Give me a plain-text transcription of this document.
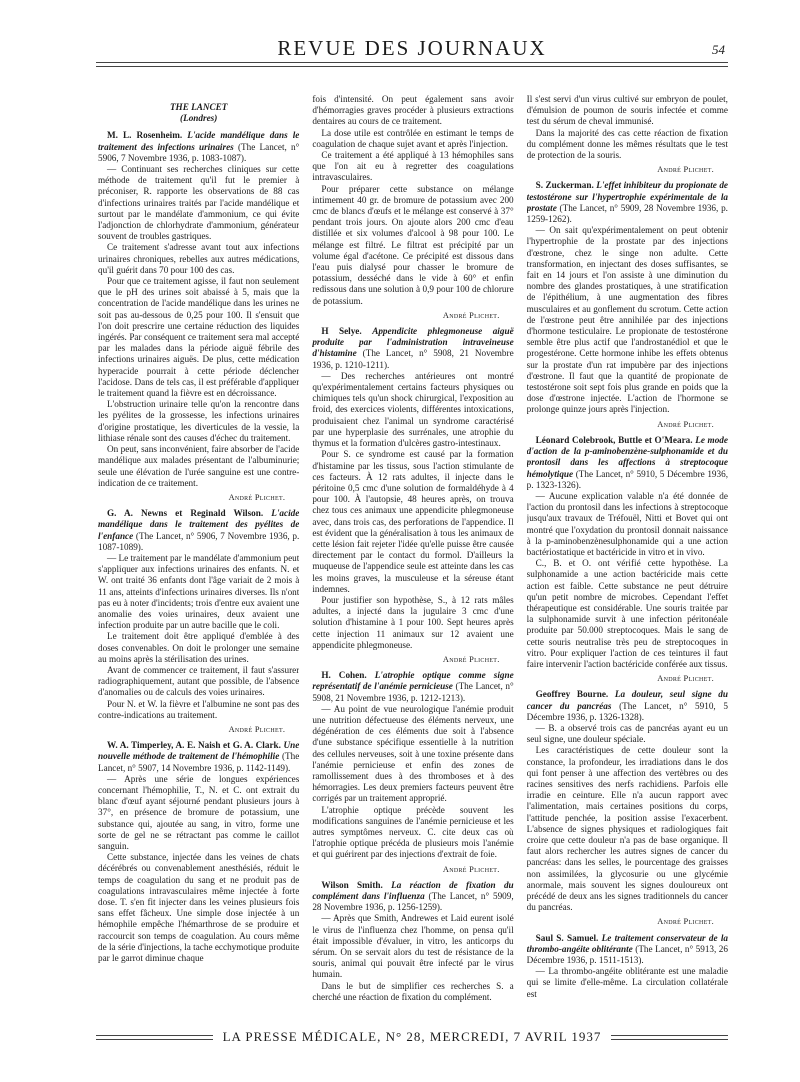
REVUE DES JOURNAUX	54
THE LANCET
(Londres)

M. L. Rosenheim. L'acide mandélique dans le traitement des infections urinaires (The Lancet, n° 5906, 7 Novembre 1936, p. 1083-1087).

— Continuant ses recherches cliniques sur cette méthode de traitement qu'il fut le premier à préconiser, R. rapporte les observations de 88 cas d'infections urinaires traités par l'acide mandélique et surtout par le mandélate d'ammonium, ce qui évite l'adjonction de chlorhydrate d'ammonium, générateur souvent de troubles gastriques.

Ce traitement s'adresse avant tout aux infections urinaires chroniques, rebelles aux autres médications, qu'il guérit dans 70 pour 100 des cas.

Pour que ce traitement agisse, il faut non seulement que le pH des urines soit abaissé à 5, mais que la concentration de l'acide mandélique dans les urines ne soit pas au-dessous de 0,25 pour 100. Il s'ensuit que l'on doit prescrire une certaine réduction des liquides ingérés. Par conséquent ce traitement sera mal accepté par les malades dans la période aiguë fébrile des infections urinaires aiguës. De plus, cette médication hyperacide pourrait à cette période déclencher l'acidose. Dans de tels cas, il est préférable d'appliquer le traitement quand la fièvre est en décroissance.

L'obstruction urinaire telle qu'on la rencontre dans les pyélites de la grossesse, les infections urinaires d'origine prostatique, les diverticules de la vessie, la lithiase rénale sont des causes d'échec du traitement.

On peut, sans inconvénient, faire absorber de l'acide mandélique aux malades présentant de l'albuminurie; seule une élévation de l'urée sanguine est une contre-indication de ce traitement.

André Plichet.

G. A. Newns et Reginald Wilson. L'acide mandélique dans le traitement des pyélites de l'enfance (The Lancet, n° 5906, 7 Novembre 1936, p. 1087-1089).

— Le traitement par le mandélate d'ammonium peut s'appliquer aux infections urinaires des enfants. N. et W. ont traité 36 enfants dont l'âge variait de 2 mois à 11 ans, atteints d'infections urinaires diverses. Ils n'ont pas eu à noter d'incidents; trois d'entre eux avaient une anomalie des voies urinaires, deux avaient une infection produite par un autre bacille que le coli.

Le traitement doit être appliqué d'emblée à des doses convenables. On doit le prolonger une semaine au moins après la stérilisation des urines.

Avant de commencer ce traitement, il faut s'assurer radiographiquement, autant que possible, de l'absence d'anomalies ou de calculs des voies urinaires.

Pour N. et W. la fièvre et l'albumine ne sont pas des contre-indications au traitement.

André Plichet.

W. A. Timperley, A. E. Naish et G. A. Clark. Une nouvelle méthode de traitement de l'hémophilie (The Lancet, n° 5907, 14 Novembre 1936, p. 1142-1149).

— Après une série de longues expériences concernant l'hémophilie, T., N. et C. ont extrait du blanc d'œuf ayant séjourné pendant plusieurs jours à 37°, en présence de bromure de potassium, une substance qui, ajoutée au sang, in vitro, forme une sorte de gel ne se rétractant pas comme le caillot sanguin.

Cette substance, injectée dans les veines de chats décérébrés ou convenablement anesthésiés, réduit le temps de coagulation du sang et ne produit pas de coagulations intravasculaires même injectée à forte dose. T. s'en fit injecter dans les veines plusieurs fois sans effet fâcheux. Une simple dose injectée à un hémophile empêche l'hémarthrose de se produire et raccourcit son temps de coagulation. Au cours même de la série d'injections, la tache ecchymotique produite par le garrot diminue chaque

fois d'intensité. On peut également sans avoir d'hémorragies graves procéder à plusieurs extractions dentaires au cours de ce traitement.

La dose utile est contrôlée en estimant le temps de coagulation de chaque sujet avant et après l'injection.

Ce traitement a été appliqué à 13 hémophiles sans que l'on ait eu à regretter des coagulations intravasculaires.

Pour préparer cette substance on mélange intimement 40 gr. de bromure de potassium avec 200 cmc de blancs d'œufs et le mélange est conservé à 37° pendant trois jours. On ajoute alors 200 cmc d'eau distillée et six volumes d'alcool à 98 pour 100. Le mélange est filtré. Le filtrat est précipité par un volume égal d'acétone. Ce précipité est dissous dans l'eau puis dialysé pour chasser le bromure de potassium, desséché dans le vide à 60° et enfin redissous dans une solution à 0,9 pour 100 de chlorure de potassium.

André Plichet.

H Selye. Appendicite phlegmoneuse aiguë produite par l'administration intraveineuse d'histamine (The Lancet, n° 5908, 21 Novembre 1936, p. 1210-1211).

— Des recherches antérieures ont montré qu'expérimentalement certains facteurs physiques ou chimiques tels qu'un shock chirurgical, l'exposition au froid, des exercices violents, différentes intoxications, produisaient chez l'animal un syndrome caractérisé par une hyperplasie des surrénales, une atrophie du thymus et la formation d'ulcères gastro-intestinaux.

Pour S. ce syndrome est causé par la formation d'histamine par les tissus, sous l'action stimulante de ces facteurs. À 12 rats adultes, il injecte dans le péritoine 0,5 cmc d'une solution de formaldéhyde à 4 pour 100. À l'autopsie, 48 heures après, on trouva chez tous ces animaux une appendicite phlegmoneuse avec, dans trois cas, des perforations de l'appendice. Il est évident que la généralisation à tous les animaux de cette lésion fait rejeter l'idée qu'elle puisse être causée directement par le contact du formol. D'ailleurs la muqueuse de l'appendice seule est atteinte dans les cas les moins graves, la musculeuse et la séreuse étant indemnes.

Pour justifier son hypothèse, S., à 12 rats mâles adultes, a injecté dans la jugulaire 3 cmc d'une solution d'histamine à 1 pour 100. Sept heures après cette injection 11 animaux sur 12 avaient une appendicite phlegmoneuse.

André Plichet.

H. Cohen. L'atrophie optique comme signe représentatif de l'anémie pernicieuse (The Lancet, n° 5908, 21 Novembre 1936, p. 1212-1213).

— Au point de vue neurologique l'anémie produit une nutrition défectueuse des éléments nerveux, une dégénération de ces éléments due soit à l'absence d'une substance spécifique essentielle à la nutrition des cellules nerveuses, soit à une toxine présente dans l'anémie pernicieuse et enfin des zones de ramollissement dues à des thromboses et à des hémorragies. Les deux premiers facteurs peuvent être corrigés par un traitement approprié.

L'atrophie optique précède souvent les modifications sanguines de l'anémie pernicieuse et les autres symptômes nerveux. C. cite deux cas où l'atrophie optique précéda de plusieurs mois l'anémie et qui guérirent par des injections d'extrait de foie.

André Plichet.

Wilson Smith. La réaction de fixation du complément dans l'influenza (The Lancet, n° 5909, 28 Novembre 1936, p. 1256-1259).

— Après que Smith, Andrewes et Laid eurent isolé le virus de l'influenza chez l'homme, on pensa qu'il était impossible d'évaluer, in vitro, les anticorps du sérum. On se servait alors du test de résistance de la souris, animal qui pouvait être infecté par le virus humain.

Dans le but de simplifier ces recherches S. a cherché une réaction de fixation du complément.

Il s'est servi d'un virus cultivé sur embryon de poulet, d'émulsion de poumon de souris infectée et comme test du sérum de cheval immunisé.

Dans la majorité des cas cette réaction de fixation du complément donne les mêmes résultats que le test de protection de la souris.

André Plichet.

S. Zuckerman. L'effet inhibiteur du propionate de testostérone sur l'hypertrophie expérimentale de la prostate (The Lancet, n° 5909, 28 Novembre 1936, p. 1259-1262).

— On sait qu'expérimentalement on peut obtenir l'hypertrophie de la prostate par des injections d'œstrone, chez le singe non adulte. Cette transformation, en injectant des doses suffisantes, se fait en 14 jours et l'on assiste à une diminution du nombre des glandes prostatiques, à une stratification de l'épithélium, à une augmentation des fibres musculaires et au gonflement du scrotum. Cette action de l'œstrone peut être annihilée par des injections d'hormone testiculaire. Le propionate de testostérone semble être plus actif que l'androstanédiol et que le progestérone. Cette hormone inhibe les effets obtenus sur la prostate d'un rat impubère par des injections d'œstrone. Il faut que la quantité de propionate de testostérone soit sept fois plus grande en poids que la dose d'œstrone injectée. L'action de l'hormone se prolonge quinze jours après l'injection.

André Plichet.

Léonard Colebrook, Buttle et O'Meara. Le mode d'action de la p-aminobenzène-sulphonamide et du prontosil dans les affections à streptocoque hémolytique (The Lancet, n° 5910, 5 Décembre 1936, p. 1323-1326).

— Aucune explication valable n'a été donnée de l'action du prontosil dans les infections à streptocoque jusqu'aux travaux de Tréfouël, Nitti et Bovet qui ont montré que l'oxydation du prontosil donnait naissance à la p-aminobenzènesulphonamide qui a une action bactériostatique et bactéricide in vitro et in vivo.

C., B. et O. ont vérifié cette hypothèse. La sulphonamide a une action bactéricide mais cette action est faible. Cette substance ne peut détruire qu'un petit nombre de microbes. Cependant l'effet thérapeutique est considérable. Une souris traitée par la sulphonamide survit à une infection péritonéale produite par 50.000 streptocoques. Mais le sang de cette souris neutralise très peu de streptocoques in vitro. Pour expliquer l'action de ces teintures il faut faire intervenir l'action bactéricide conférée aux tissus.

André Plichet.

Geoffrey Bourne. La douleur, seul signe du cancer du pancréas (The Lancet, n° 5910, 5 Décembre 1936, p. 1326-1328).

— B. a observé trois cas de pancréas ayant eu un seul signe, une douleur spéciale.

Les caractéristiques de cette douleur sont la constance, la profondeur, les irradiations dans le dos qui font penser à une affection des vertèbres ou des racines sensitives des nerfs rachidiens. Parfois elle irradie en ceinture. Elle n'a aucun rapport avec l'alimentation, mais certaines positions du corps, l'attitude penchée, la position assise l'exacerbent. L'absence de signes physiques et radiologiques fait croire que cette douleur n'a pas de base organique. Il faut alors rechercher les autres signes de cancer du pancréas: dans les selles, le pourcentage des graisses non assimilées, la glycosurie ou une glycémie anormale, mais souvent les signes douloureux ont précédé de deux ans les signes traditionnels du cancer du pancréas.

André Plichet.

Saul S. Samuel. Le traitement conservateur de la thrombo-angéite oblitérante (The Lancet, n° 5913, 26 Décembre 1936, p. 1511-1513).

— La thrombo-angéite oblitérante est une maladie qui se limite d'elle-même. La circulation collatérale est

LA PRESSE MÉDICALE, N° 28, MERCREDI, 7 AVRIL 1937
